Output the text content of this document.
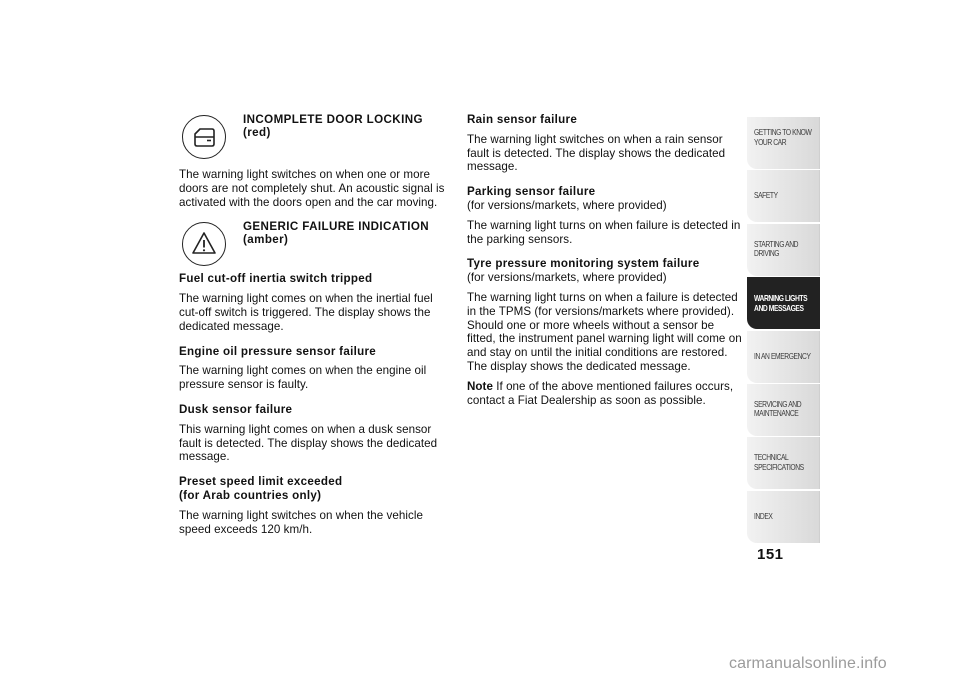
INCOMPLETE DOOR LOCKING
(red)

The warning light switches on when one or more doors are not completely shut. An acoustic signal is activated with the doors open and the car moving.

GENERIC FAILURE INDICATION
(amber)
Fuel cut-off inertia switch tripped

The warning light comes on when the inertial fuel cut-off switch is triggered. The display shows the dedicated message.

Engine oil pressure sensor failure

The warning light comes on when the engine oil pressure sensor is faulty.

Dusk sensor failure

This warning light comes on when a dusk sensor fault is detected. The display shows the dedicated message.

Preset speed limit exceeded
(for Arab countries only)

The warning light switches on when the vehicle speed exceeds 120 km/h.

Rain sensor failure

The warning light switches on when a rain sensor fault is detected. The display shows the dedicated message.

Parking sensor failure

(for versions/markets, where provided)

The warning light turns on when failure is detected in the parking sensors.

Tyre pressure monitoring system failure

(for versions/markets, where provided)

The warning light turns on when a failure is detected in the TPMS (for versions/markets where provided). Should one or more wheels without a sensor be fitted, the instrument panel warning light will come on and stay on until the initial conditions are restored. The display shows the dedicated message.

Note If one of the above mentioned failures occurs, contact a Fiat Dealership as soon as possible.

GETTING TO KNOW
YOUR CAR
SAFETY
STARTING AND
DRIVING
WARNING LIGHTS
AND MESSAGES
IN AN EMERGENCY
SERVICING AND
MAINTENANCE
TECHNICAL
SPECIFICATIONS
INDEX
151
carmanualsonline.info
